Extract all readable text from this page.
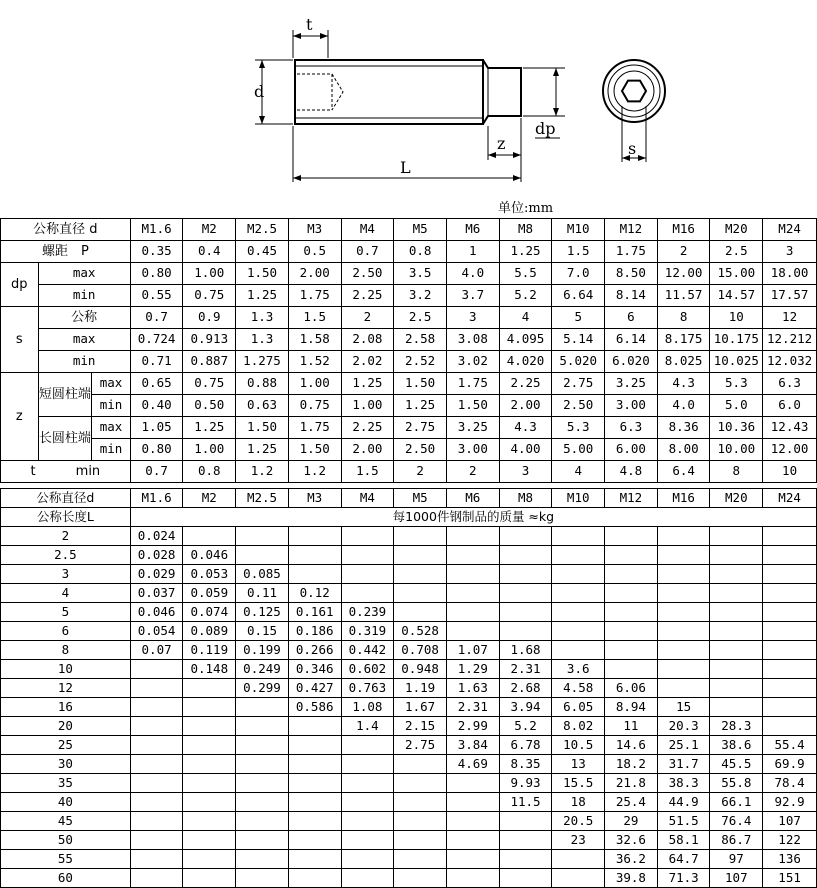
t
d
dp
z
L
s
单位:mm
公称直径 d			M1.6	M2	M2.5	M3	M4	M5	M6	M8	M10	M12	M16	M20	M24
螺距　P			0.35	0.4	0.45	0.5	0.7	0.8	1	1.25	1.5	1.75	2	2.5	3
dp	max		0.80	1.00	1.50	2.00	2.50	3.5	4.0	5.5	7.0	8.50	12.00	15.00	18.00
	min		0.55	0.75	1.25	1.75	2.25	3.2	3.7	5.2	6.64	8.14	11.57	14.57	17.57
s	公称		0.7	0.9	1.3	1.5	2	2.5	3	4	5	6	8	10	12
	max		0.724	0.913	1.3	1.58	2.08	2.58	3.08	4.095	5.14	6.14	8.175	10.175	12.212
	min		0.71	0.887	1.275	1.52	2.02	2.52	3.02	4.020	5.020	6.020	8.025	10.025	12.032
z	短圆柱端	max	0.65	0.75	0.88	1.00	1.25	1.50	1.75	2.25	2.75	3.25	4.3	5.3	6.3
		min	0.40	0.50	0.63	0.75	1.00	1.25	1.50	2.00	2.50	3.00	4.0	5.0	6.0
	长圆柱端	max	1.05	1.25	1.50	1.75	2.25	2.75	3.25	4.3	5.3	6.3	8.36	10.36	12.43
		min	0.80	1.00	1.25	1.50	2.00	2.50	3.00	4.00	5.00	6.00	8.00	10.00	12.00
t min			0.7	0.8	1.2	1.2	1.5	2	2	3	4	4.8	6.4	8	10
公称直径d	M1.6	M2	M2.5	M3	M4	M5	M6	M8	M10	M12	M16	M20	M24
公称长度L	每1000件钢制品的质量 ≈kg												
2	0.024												
2.5	0.028	0.046											
3	0.029	0.053	0.085										
4	0.037	0.059	0.11	0.12									
5	0.046	0.074	0.125	0.161	0.239								
6	0.054	0.089	0.15	0.186	0.319	0.528							
8	0.07	0.119	0.199	0.266	0.442	0.708	1.07	1.68					
10		0.148	0.249	0.346	0.602	0.948	1.29	2.31	3.6				
12			0.299	0.427	0.763	1.19	1.63	2.68	4.58	6.06			
16				0.586	1.08	1.67	2.31	3.94	6.05	8.94	15		
20					1.4	2.15	2.99	5.2	8.02	11	20.3	28.3	
25						2.75	3.84	6.78	10.5	14.6	25.1	38.6	55.4
30							4.69	8.35	13	18.2	31.7	45.5	69.9
35								9.93	15.5	21.8	38.3	55.8	78.4
40								11.5	18	25.4	44.9	66.1	92.9
45									20.5	29	51.5	76.4	107
50									23	32.6	58.1	86.7	122
55										36.2	64.7	97	136
60										39.8	71.3	107	151
